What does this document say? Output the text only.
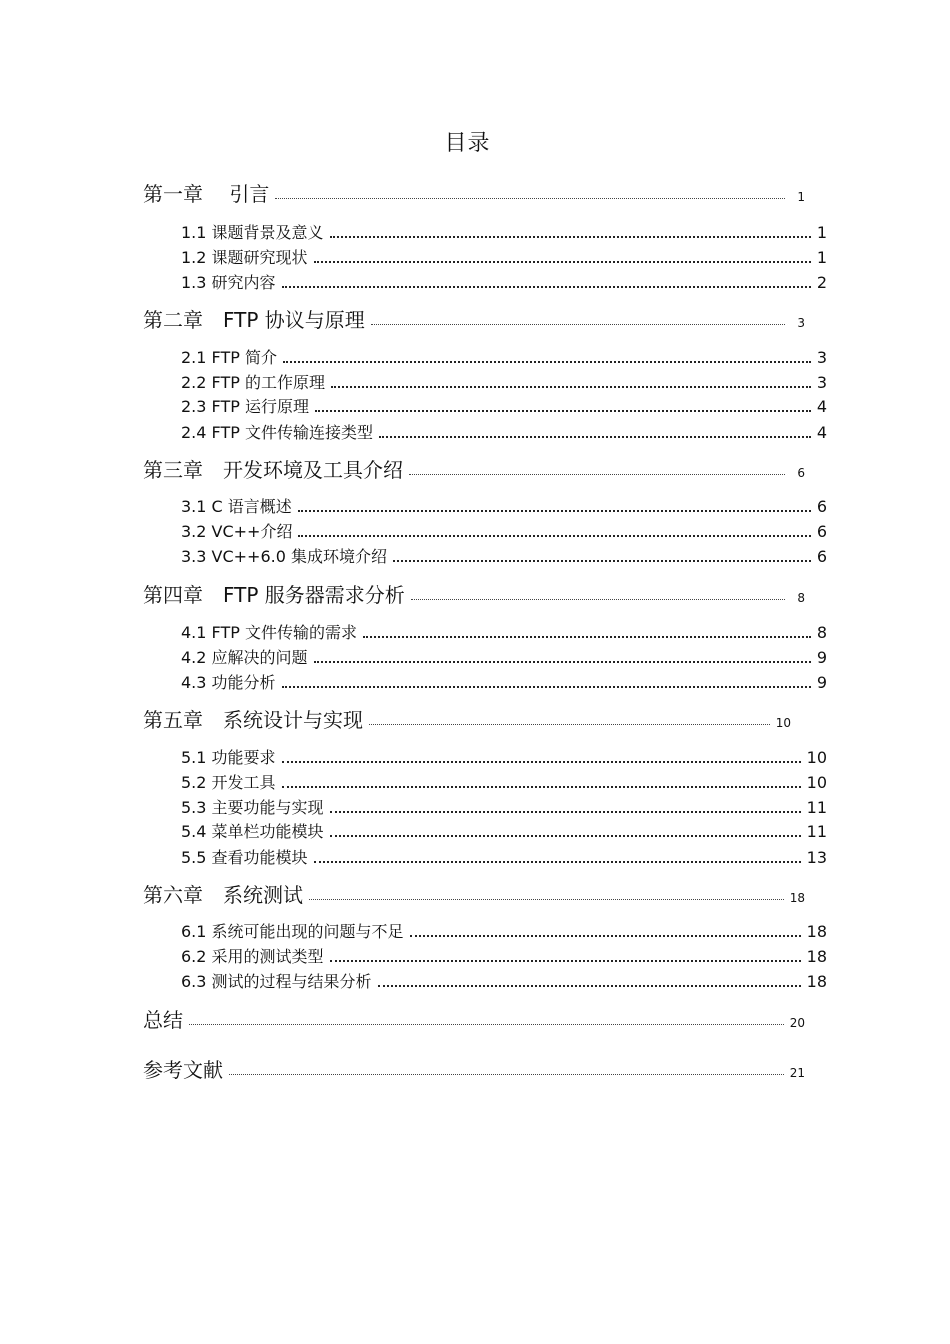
目录
第一章　 引言	1
1.1 课题背景及意义	1
1.2 课题研究现状	1
1.3 研究内容	2
第二章　FTP 协议与原理	3
2.1 FTP 简介	3
2.2 FTP 的工作原理	3
2.3 FTP 运行原理	4
2.4 FTP 文件传输连接类型	4
第三章　开发环境及工具介绍	6
3.1 C 语言概述	6
3.2 VC++介绍	6
3.3 VC++6.0 集成环境介绍	6
第四章　FTP 服务器需求分析	8
4.1 FTP 文件传输的需求	8
4.2 应解决的问题	9
4.3 功能分析	9
第五章　系统设计与实现	10
5.1 功能要求	10
5.2 开发工具	10
5.3 主要功能与实现	11
5.4 菜单栏功能模块	11
5.5 查看功能模块	13
第六章　系统测试	18
6.1 系统可能出现的问题与不足	18
6.2 采用的测试类型	18
6.3 测试的过程与结果分析	18
总结	20
参考文献	21
